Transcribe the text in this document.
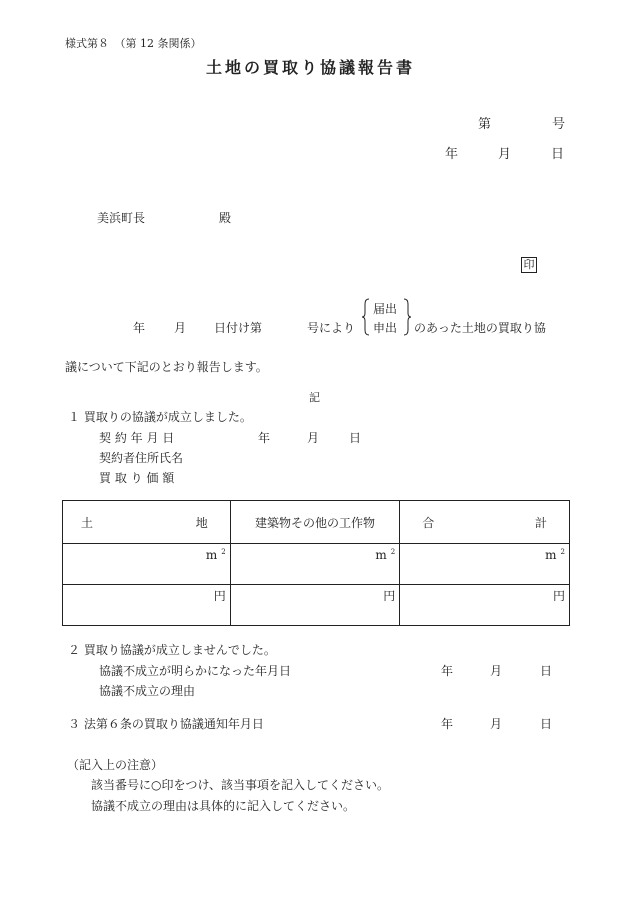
様式第８　（第 12 条関係）
土地の買取り協議報告書
第	号
年	月	日
美浜町長	殿
印
年 月 日付け第	号により
届出
申出 のあった土地の買取り協
議について下記のとおり報告します。
記
１ 買取りの協議が成立しました。
契 約 年 月 日	年	月 日
契約者住所氏名
買 取 り 価 額
土 地	建築物その他の工作物	合 計

m $^2$	m $^2$	m $^2$
円	円	円
２ 買取り協議が成立しませんでした。
協議不成立が明らかになった年月日	年	月	日
協議不成立の理由
３ 法第６条の買取り協議通知年月日	年	月	日
（記入上の注意）
該当番号に○印をつけ、該当事項を記入してください。
協議不成立の理由は具体的に記入してください。
